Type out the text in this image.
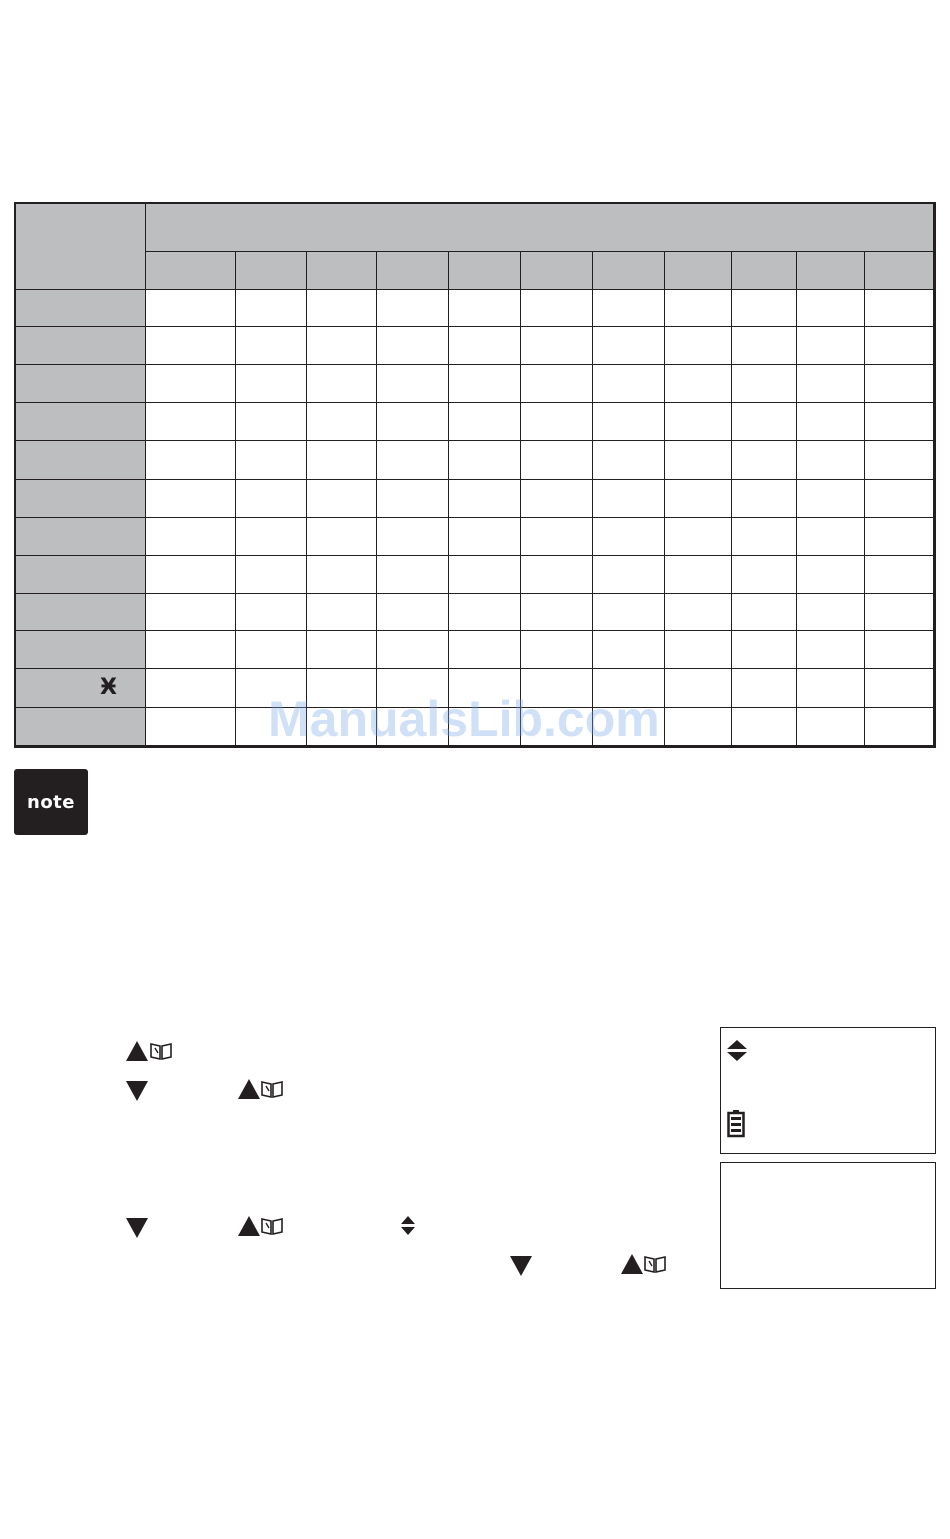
Ӿ
note
ManualsLib.com
